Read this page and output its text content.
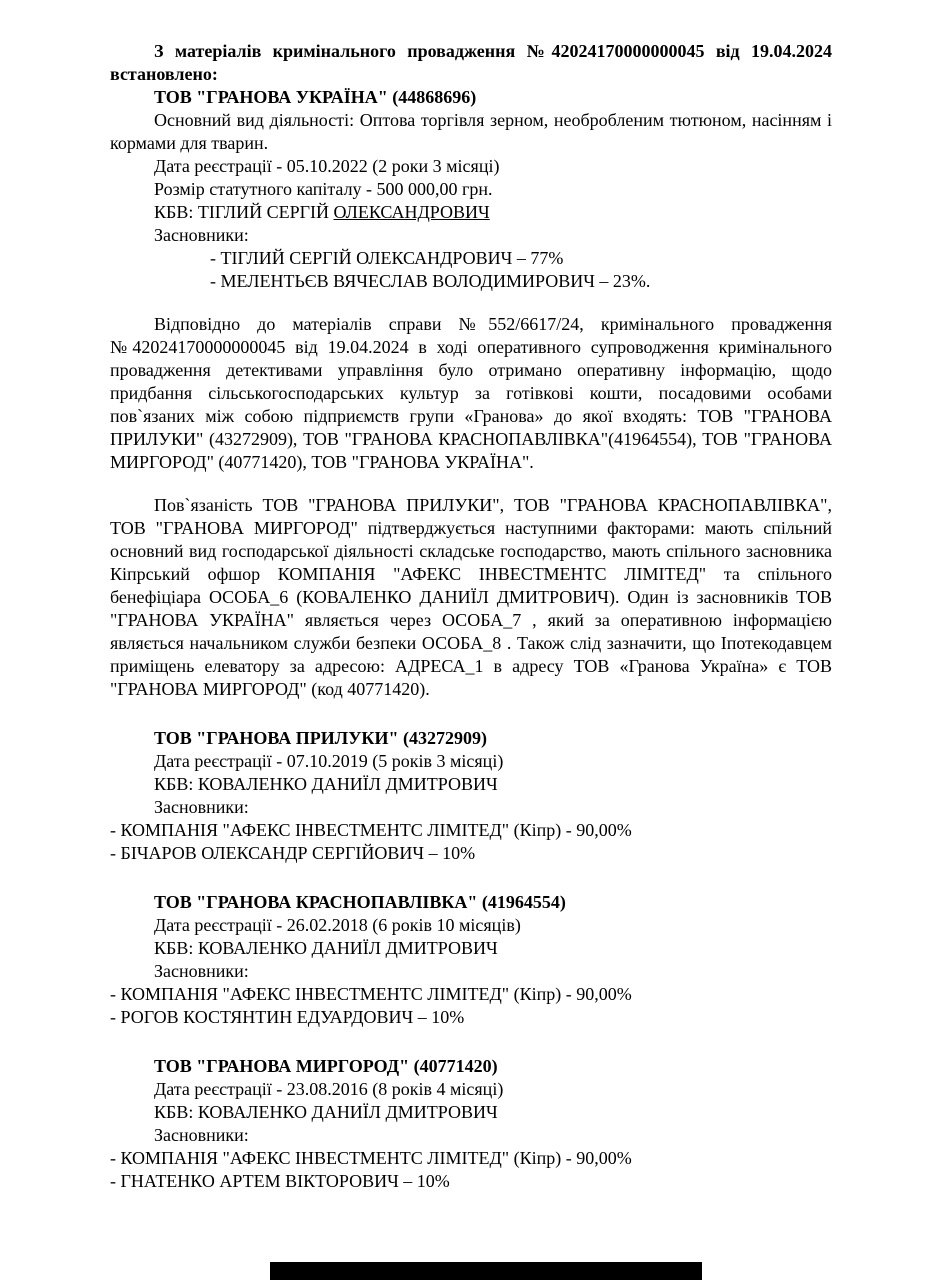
З матеріалів кримінального провадження №42024170000000045 від 19.04.2024 встановлено:

ТОВ "ГРАНОВА УКРАЇНА" (44868696)

Основний вид діяльності: Оптова торгівля зерном, необробленим тютюном, насінням і кормами для тварин.

Дата реєстрації - 05.10.2022 (2 роки 3 місяці)

Розмір статутного капіталу - 500 000,00 грн.

КБВ: ТІГЛИЙ СЕРГІЙ ОЛЕКСАНДРОВИЧ

Засновники:

- ТІГЛИЙ СЕРГІЙ ОЛЕКСАНДРОВИЧ – 77%

- МЕЛЕНТЬЄВ ВЯЧЕСЛАВ ВОЛОДИМИРОВИЧ – 23%.

Відповідно до матеріалів справи №552/6617/24, кримінального провадження №42024170000000045 від 19.04.2024 в ході оперативного супроводження кримінального провадження детективами управління було отримано оперативну інформацію, щодо придбання сільськогосподарських культур за готівкові кошти, посадовими особами пов`язаних між собою підприємств групи «Гранова» до якої входять: ТОВ "ГРАНОВА ПРИЛУКИ" (43272909), ТОВ "ГРАНОВА КРАСНОПАВЛІВКА"(41964554), ТОВ "ГРАНОВА МИРГОРОД" (40771420), ТОВ "ГРАНОВА УКРАЇНА".

Пов`язаність ТОВ "ГРАНОВА ПРИЛУКИ", ТОВ "ГРАНОВА КРАСНОПАВЛІВКА", ТОВ "ГРАНОВА МИРГОРОД" підтверджується наступними факторами: мають спільний основний вид господарської діяльності складське господарство, мають спільного засновника Кіпрський офшор КОМПАНІЯ "АФЕКС ІНВЕСТМЕНТС ЛІМІТЕД" та спільного бенефіціара ОСОБА_6 (КОВАЛЕНКО ДАНИЇЛ ДМИТРОВИЧ). Один із засновників ТОВ "ГРАНОВА УКРАЇНА" являється через ОСОБА_7 , який за оперативною інформацією являється начальником служби безпеки ОСОБА_8 . Також слід зазначити, що Іпотекодавцем приміщень елеватору за адресою: АДРЕСА_1 в адресу ТОВ «Гранова Україна» є ТОВ "ГРАНОВА МИРГОРОД" (код 40771420).

ТОВ "ГРАНОВА ПРИЛУКИ" (43272909)

Дата реєстрації - 07.10.2019 (5 років 3 місяці)

КБВ: КОВАЛЕНКО ДАНИЇЛ ДМИТРОВИЧ

Засновники:

- КОМПАНІЯ "АФЕКС ІНВЕСТМЕНТС ЛІМІТЕД" (Кіпр) - 90,00%

- БІЧАРОВ ОЛЕКСАНДР СЕРГІЙОВИЧ – 10%

ТОВ "ГРАНОВА КРАСНОПАВЛІВКА" (41964554)

Дата реєстрації - 26.02.2018 (6 років 10 місяців)

КБВ: КОВАЛЕНКО ДАНИЇЛ ДМИТРОВИЧ

Засновники:

- КОМПАНІЯ "АФЕКС ІНВЕСТМЕНТС ЛІМІТЕД" (Кіпр) - 90,00%

- РОГОВ КОСТЯНТИН ЕДУАРДОВИЧ – 10%

ТОВ "ГРАНОВА МИРГОРОД" (40771420)

Дата реєстрації - 23.08.2016 (8 років 4 місяці)

КБВ: КОВАЛЕНКО ДАНИЇЛ ДМИТРОВИЧ

Засновники:

- КОМПАНІЯ "АФЕКС ІНВЕСТМЕНТС ЛІМІТЕД" (Кіпр) - 90,00%

- ГНАТЕНКО АРТЕМ ВІКТОРОВИЧ – 10%
